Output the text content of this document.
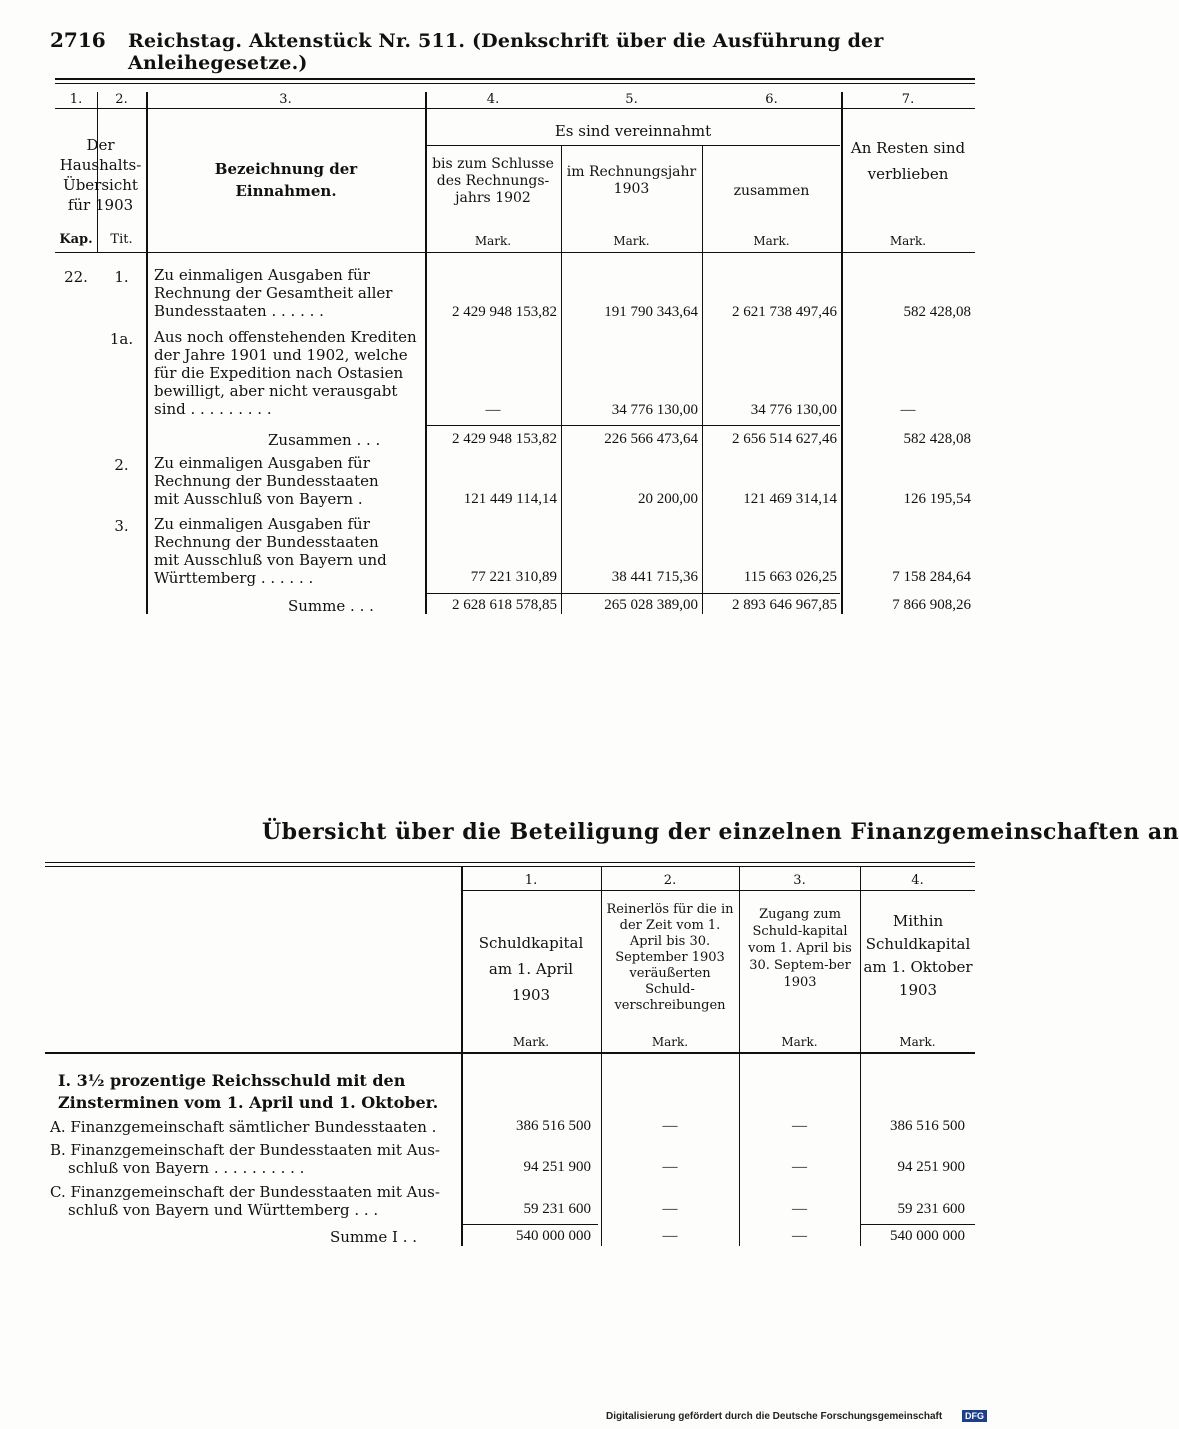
2716 Reichstag. Aktenstück Nr. 511. (Denkschrift über die Ausführung der Anleihegesetze.)
1.	2.	3.	4.	5.	6.	7.
Der Haushalts-Übersicht für 1903
Bezeichnung der Einnahmen.
Es sind vereinnahmt
bis zum Schlusse des Rechnungs-jahrs 1902
im Rechnungsjahr 1903	zusammen
An Resten sind verblieben
Kap.	Tit.	Mark.	Mark.	Mark.	Mark.
22.	1.	Zu einmaligen Ausgaben für
Rechnung der Gesamtheit aller
Bundesstaaten . . . . . .	2 429 948 153,82	191 790 343,64	2 621 738 497,46	582 428,08
1a.	Aus noch offenstehenden Krediten
der Jahre 1901 und 1902, welche
für die Expedition nach Ostasien
bewilligt, aber nicht verausgabt
sind . . . . . . . . .	—	34 776 130,00	34 776 130,00	—
Zusammen . . .	2 429 948 153,82	226 566 473,64	2 656 514 627,46	582 428,08
2.	Zu einmaligen Ausgaben für
Rechnung der Bundesstaaten
mit Ausschluß von Bayern .	121 449 114,14	20 200,00	121 469 314,14	126 195,54
3.	Zu einmaligen Ausgaben für
Rechnung der Bundesstaaten
mit Ausschluß von Bayern und
Württemberg . . . . . .	77 221 310,89	38 441 715,36	115 663 026,25	7 158 284,64
Summe . . .	2 628 618 578,85	265 028 389,00	2 893 646 967,85	7 866 908,26
Übersicht über die Beteiligung der einzelnen Finanzgemeinschaften an
1.	2.	3.	4.
Schuldkapital am 1. April 1903
Reinerlös für die in der Zeit vom 1. April bis 30. September 1903 veräußerten Schuld-verschreibungen
Zugang zum Schuld-kapital vom 1. April bis 30. Septem-ber 1903
Mithin Schuldkapital am 1. Oktober 1903
Mark.	Mark.	Mark.	Mark.
I. 3½ prozentige Reichsschuld mit den Zinsterminen vom 1. April und 1. Oktober.
A. Finanzgemeinschaft sämtlicher Bundesstaaten .	386 516 500	—	—	386 516 500
B. Finanzgemeinschaft der Bundesstaaten mit Aus-
schluß von Bayern . . . . . . . . . .	94 251 900	—	—	94 251 900
C. Finanzgemeinschaft der Bundesstaaten mit Aus-
schluß von Bayern und Württemberg . . .	59 231 600	—	—	59 231 600
Summe I . .	540 000 000	—	—	540 000 000
Digitalisierung gefördert durch die Deutsche Forschungsgemeinschaft	DFG
